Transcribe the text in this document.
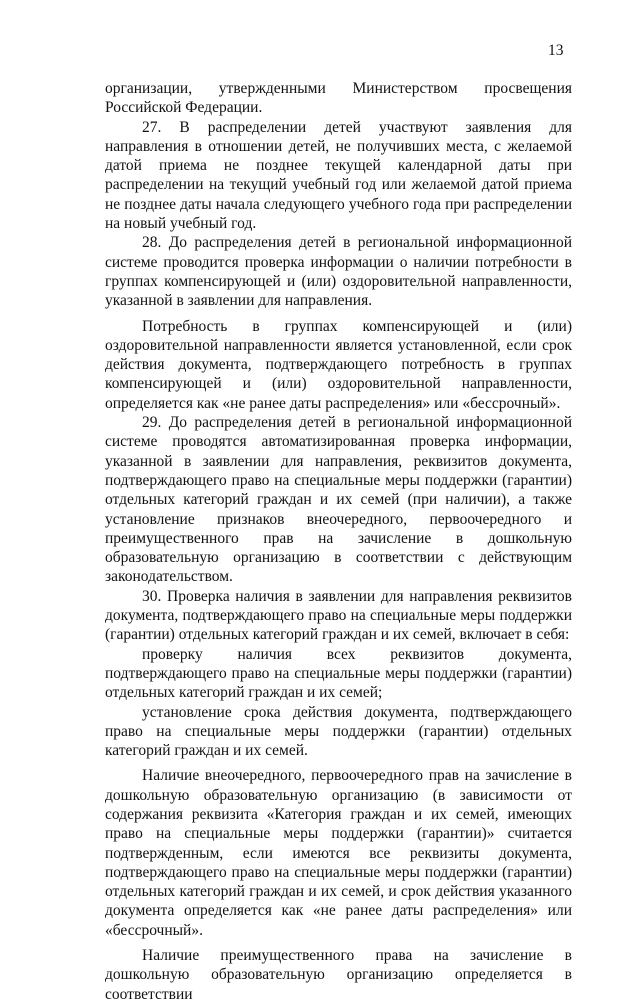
13

организации, утвержденными Министерством просвещения Российской Федерации.

27. В распределении детей участвуют заявления для направления в отношении детей, не получивших места, с желаемой датой приема не позднее текущей календарной даты при распределении на текущий учебный год или желаемой датой приема не позднее даты начала следующего учебного года при распределении на новый учебный год.

28. До распределения детей в региональной информационной системе проводится проверка информации о наличии потребности в группах компенсирующей и (или) оздоровительной направленности, указанной в заявлении для направления.

Потребность в группах компенсирующей и (или) оздоровительной направленности является установленной, если срок действия документа, подтверждающего потребность в группах компенсирующей и (или) оздоровительной направленности, определяется как «не ранее даты распределения» или «бессрочный».

29. До распределения детей в региональной информационной системе проводятся автоматизированная проверка информации, указанной в заявлении для направления, реквизитов документа, подтверждающего право на специальные меры поддержки (гарантии) отдельных категорий граждан и их семей (при наличии), а также установление признаков внеочередного, первоочередного и преимущественного прав на зачисление в дошкольную образовательную организацию в соответствии с действующим законодательством.

30. Проверка наличия в заявлении для направления реквизитов документа, подтверждающего право на специальные меры поддержки (гарантии) отдельных категорий граждан и их семей, включает в себя:

проверку наличия всех реквизитов документа, подтверждающего право на специальные меры поддержки (гарантии) отдельных категорий граждан и их семей;

установление срока действия документа, подтверждающего право на специальные меры поддержки (гарантии) отдельных категорий граждан и их семей.

Наличие внеочередного, первоочередного прав на зачисление в дошкольную образовательную организацию (в зависимости от содержания реквизита «Категория граждан и их семей, имеющих право на специальные меры поддержки (гарантии)» считается подтвержденным, если имеются все реквизиты документа, подтверждающего право на специальные меры поддержки (гарантии) отдельных категорий граждан и их семей, и срок действия указанного документа определяется как «не ранее даты распределения» или «бессрочный».

Наличие преимущественного права на зачисление в дошкольную образовательную организацию определяется в соответствии
